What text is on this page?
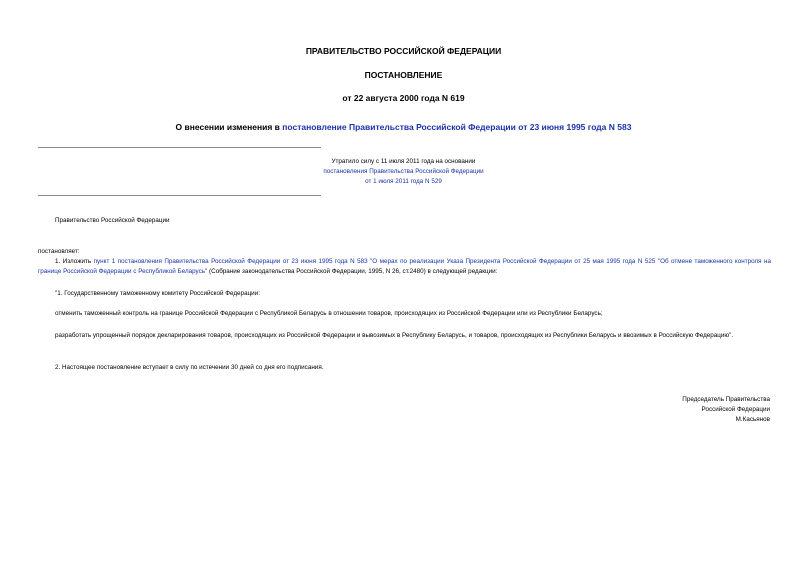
ПРАВИТЕЛЬСТВО РОССИЙСКОЙ ФЕДЕРАЦИИ
ПОСТАНОВЛЕНИЕ
от 22 августа 2000 года N 619
О внесении изменения в постановление Правительства Российской Федерации от 23 июня 1995 года N 583
Утратило силу с 11 июля 2011 года на основании
постановления Правительства Российской Федерации
от 1 июля 2011 года N 529
Правительство Российской Федерации
постановляет:
1. Изложить пункт 1 постановления Правительства Российской Федерации от 23 июня 1995 года N 583 "О мерах по реализации Указа Президента Российской Федерации от 25 мая 1995 года N 525 "Об отмене таможенного контроля на границе Российской Федерации с Республикой Беларусь" (Собрание законодательства Российской Федерации, 1995, N 26, ст.2480) в следующей редакции:
"1. Государственному таможенному комитету Российской Федерации:
отменить таможенный контроль на границе Российской Федерации с Республикой Беларусь в отношении товаров, происходящих из Российской Федерации или из Республики Беларусь;
разработать упрощенный порядок декларирования товаров, происходящих из Российской Федерации и вывозимых в Республику Беларусь, и товаров, происходящих из Республики Беларусь и ввозимых в Российскую Федерацию".
2. Настоящее постановление вступает в силу по истечении 30 дней со дня его подписания.
Председатель Правительства
Российской Федерации
М.Касьянов
